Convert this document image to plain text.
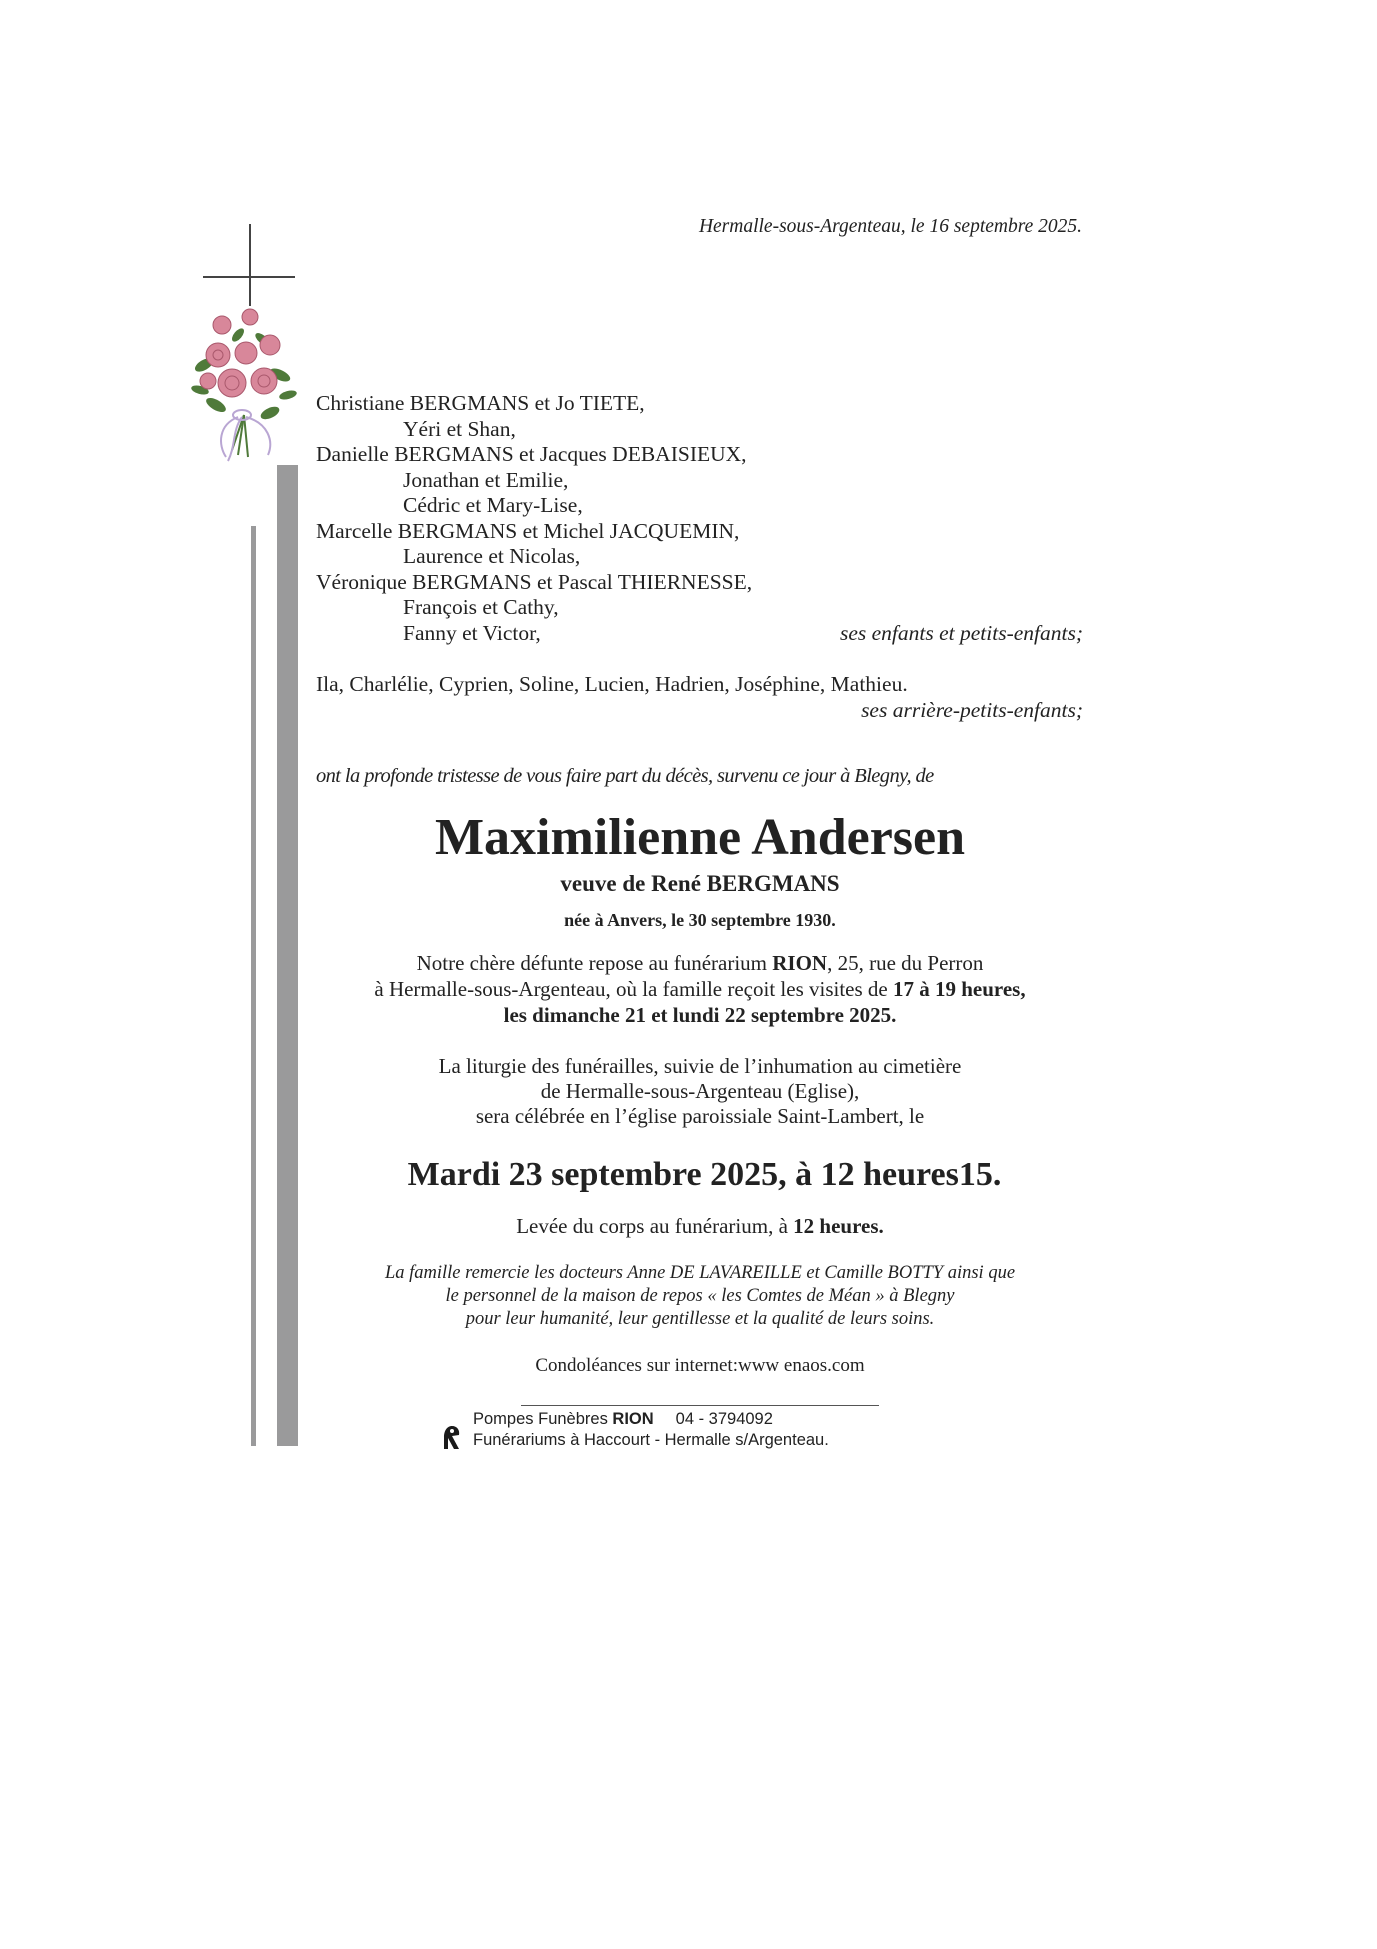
Hermalle-sous-Argenteau, le 16 septembre 2025.
Christiane BERGMANS et Jo TIETE,
Yéri et Shan,
Danielle BERGMANS et Jacques DEBAISIEUX,
Jonathan et Emilie,
Cédric et Mary-Lise,
Marcelle BERGMANS et Michel JACQUEMIN,
Laurence et Nicolas,
Véronique BERGMANS et Pascal THIERNESSE,
François et Cathy,
Fanny et Victor,	ses enfants et petits-enfants;
Ila, Charlélie, Cyprien, Soline, Lucien, Hadrien, Joséphine, Mathieu.
ses arrière-petits-enfants;
ont la profonde tristesse de vous faire part du décès, survenu ce jour à Blegny, de
Maximilienne Andersen
veuve de René BERGMANS
née à Anvers, le 30 septembre 1930.
Notre chère défunte repose au funérarium RION, 25, rue du Perron
à Hermalle-sous-Argenteau, où la famille reçoit les visites de 17 à 19 heures,
les dimanche 21 et lundi 22 septembre 2025.
La liturgie des funérailles, suivie de l’inhumation au cimetière
de Hermalle-sous-Argenteau (Eglise),
sera célébrée en l’église paroissiale Saint-Lambert, le
Mardi 23 septembre 2025, à 12 heures15.
Levée du corps au funérarium, à 12 heures.
La famille remercie les docteurs Anne DE LAVAREILLE et Camille BOTTY ainsi que
le personnel de la maison de repos « les Comtes de Méan » à Blegny
pour leur humanité, leur gentillesse et la qualité de leurs soins.
Condoléances sur internet:www enaos.com
Pompes Funèbres RION 04 - 3794092
Funérariums à Haccourt - Hermalle s/Argenteau.
